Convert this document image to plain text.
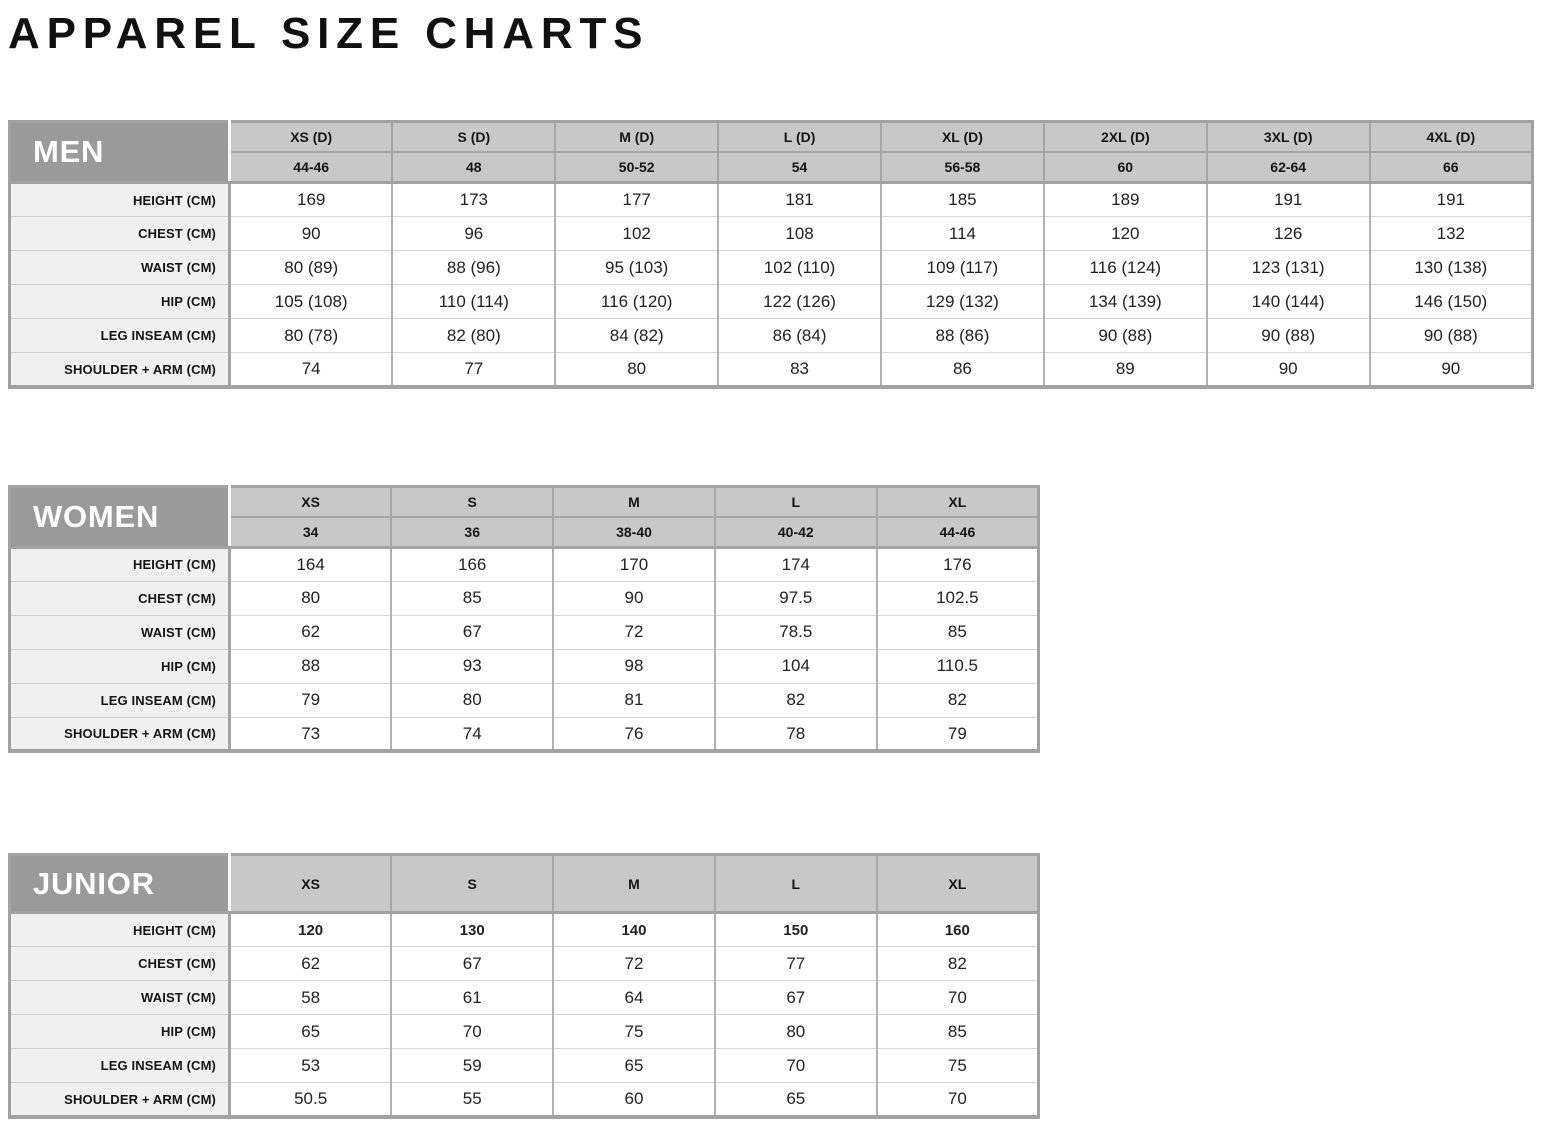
APPAREL SIZE CHARTS
MEN	XS (D)	S (D)	M (D)	L (D)	XL (D)	2XL (D)	3XL (D)	4XL (D)
	44-46	48	50-52	54	56-58	60	62-64	66
HEIGHT (CM)	169	173	177	181	185	189	191	191
CHEST (CM)	90	96	102	108	114	120	126	132
WAIST (CM)	80 (89)	88 (96)	95 (103)	102 (110)	109 (117)	116 (124)	123 (131)	130 (138)
HIP (CM)	105 (108)	110 (114)	116 (120)	122 (126)	129 (132)	134 (139)	140 (144)	146 (150)
LEG INSEAM (CM)	80 (78)	82 (80)	84 (82)	86 (84)	88 (86)	90 (88)	90 (88)	90 (88)
SHOULDER + ARM (CM)	74	77	80	83	86	89	90	90
WOMEN	XS	S	M	L	XL
	34	36	38-40	40-42	44-46
HEIGHT (CM)	164	166	170	174	176
CHEST (CM)	80	85	90	97.5	102.5
WAIST (CM)	62	67	72	78.5	85
HIP (CM)	88	93	98	104	110.5
LEG INSEAM (CM)	79	80	81	82	82
SHOULDER + ARM (CM)	73	74	76	78	79
JUNIOR	XS	S	M	L	XL
HEIGHT (CM)	120	130	140	150	160
CHEST (CM)	62	67	72	77	82
WAIST (CM)	58	61	64	67	70
HIP (CM)	65	70	75	80	85
LEG INSEAM (CM)	53	59	65	70	75
SHOULDER + ARM (CM)	50.5	55	60	65	70
